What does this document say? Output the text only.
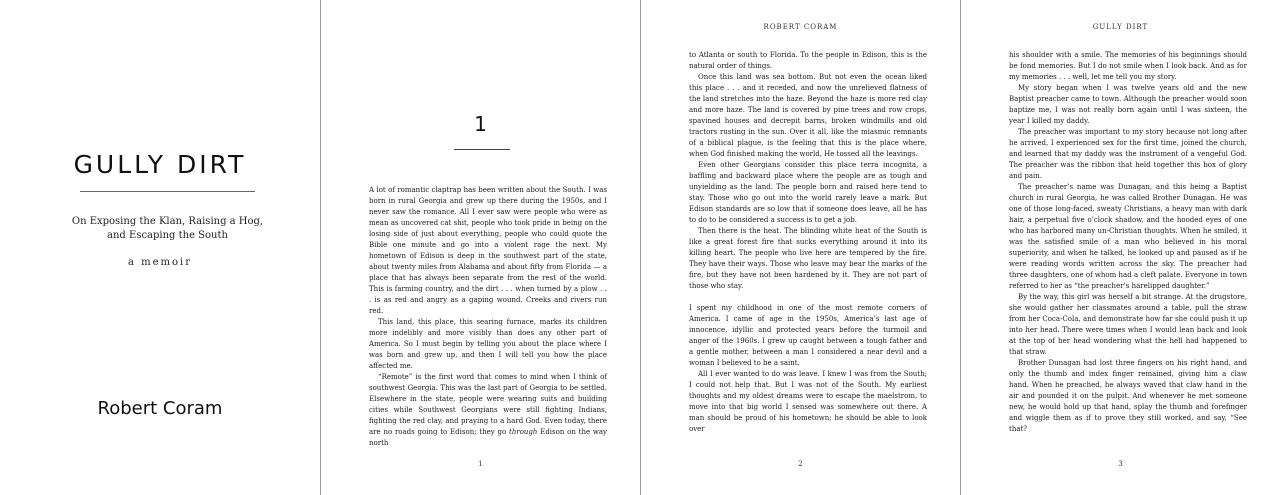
GULLY DIRT
On Exposing the Klan, Raising a Hog, and Escaping the South
a memoir
Robert Coram
1

A lot of romantic claptrap has been written about the South. I was born in rural Georgia and grew up there during the 1950s, and I never saw the romance. All I ever saw were people who were as mean as uncovered cat shit, people who took pride in being on the losing side of just about everything, people who could quote the Bible one minute and go into a violent rage the next. My hometown of Edison is deep in the southwest part of the state, about twenty miles from Alabama and about fifty from Florida — a place that has always been separate from the rest of the world. This is farming country, and the dirt . . . when turned by a plow . . . is as red and angry as a gaping wound. Creeks and rivers run red.

This land, this place, this searing furnace, marks its children more indelibly and more visibly than does any other part of America. So I must begin by telling you about the place where I was born and grew up, and then I will tell you how the place affected me.

“Remote” is the first word that comes to mind when I think of southwest Georgia. This was the last part of Georgia to be settled. Elsewhere in the state, people were wearing suits and building cities while Southwest Georgians were still fighting Indians, fighting the red clay, and praying to a hard God. Even today, there are no roads going to Edison; they go through Edison on the way north

1
ROBERT CORAM

to Atlanta or south to Florida. To the people in Edison, this is the natural order of things.

Once this land was sea bottom. But not even the ocean liked this place . . . and it receded, and now the unrelieved flatness of the land stretches into the haze. Beyond the haze is more red clay and more haze. The land is covered by pine trees and row crops, spavined houses and decrepit barns, broken windmills and old tractors rusting in the sun. Over it all, like the miasmic remnants of a biblical plague, is the feeling that this is the place where, when God finished making the world, He tossed all the leavings.

Even other Georgians consider this place terra incognita, a baffling and backward place where the people are as tough and unyielding as the land. The people born and raised here tend to stay. Those who go out into the world rarely leave a mark. But Edison standards are so low that if someone does leave, all he has to do to be considered a success is to get a job.

Then there is the heat. The blinding white heat of the South is like a great forest fire that sucks everything around it into its killing heart. The people who live here are tempered by the fire. They have their ways. Those who leave may bear the marks of the fire, but they have not been hardened by it. They are not part of those who stay.

I spent my childhood in one of the most remote corners of America. I came of age in the 1950s, America’s last age of innocence, idyllic and protected years before the turmoil and anger of the 1960s. I grew up caught between a tough father and a gentle mother, between a man I considered a near devil and a woman I believed to be a saint.

All I ever wanted to do was leave. I knew I was from the South; I could not help that. But I was not of the South. My earliest thoughts and my oldest dreams were to escape the maelstrom, to move into that big world I sensed was somewhere out there. A man should be proud of his hometown; he should be able to look over

2
GULLY DIRT

his shoulder with a smile. The memories of his beginnings should be fond memories. But I do not smile when I look back. And as for my memories . . . well, let me tell you my story.

My story began when I was twelve years old and the new Baptist preacher came to town. Although the preacher would soon baptize me, I was not really born again until I was sixteen, the year I killed my daddy.

The preacher was important to my story because not long after he arrived, I experienced sex for the first time, joined the church, and learned that my daddy was the instrument of a vengeful God. The preacher was the ribbon that held together this box of glory and pain.

The preacher’s name was Dunagan, and this being a Baptist church in rural Georgia, he was called Brother Dunagan. He was one of those long-faced, sweaty Christians, a heavy man with dark hair, a perpetual five o’clock shadow, and the hooded eyes of one who has harbored many un-Christian thoughts. When he smiled, it was the satisfied smile of a man who believed in his moral superiority, and when he talked, he looked up and paused as if he were reading words written across the sky. The preacher had three daughters, one of whom had a cleft palate. Everyone in town referred to her as “the preacher’s harelipped daughter.”

By the way, this girl was herself a bit strange. At the drugstore, she would gather her classmates around a table, pull the straw from her Coca-Cola, and demonstrate how far she could push it up into her head. There were times when I would lean back and look at the top of her head wondering what the hell had happened to that straw.

Brother Dunagan had lost three fingers on his right hand, and only the thumb and index finger remained, giving him a claw hand. When he preached, he always waved that claw hand in the air and pounded it on the pulpit. And whenever he met someone new, he would hold up that hand, splay the thumb and forefinger and wiggle them as if to prove they still worked, and say, “See that?

3
